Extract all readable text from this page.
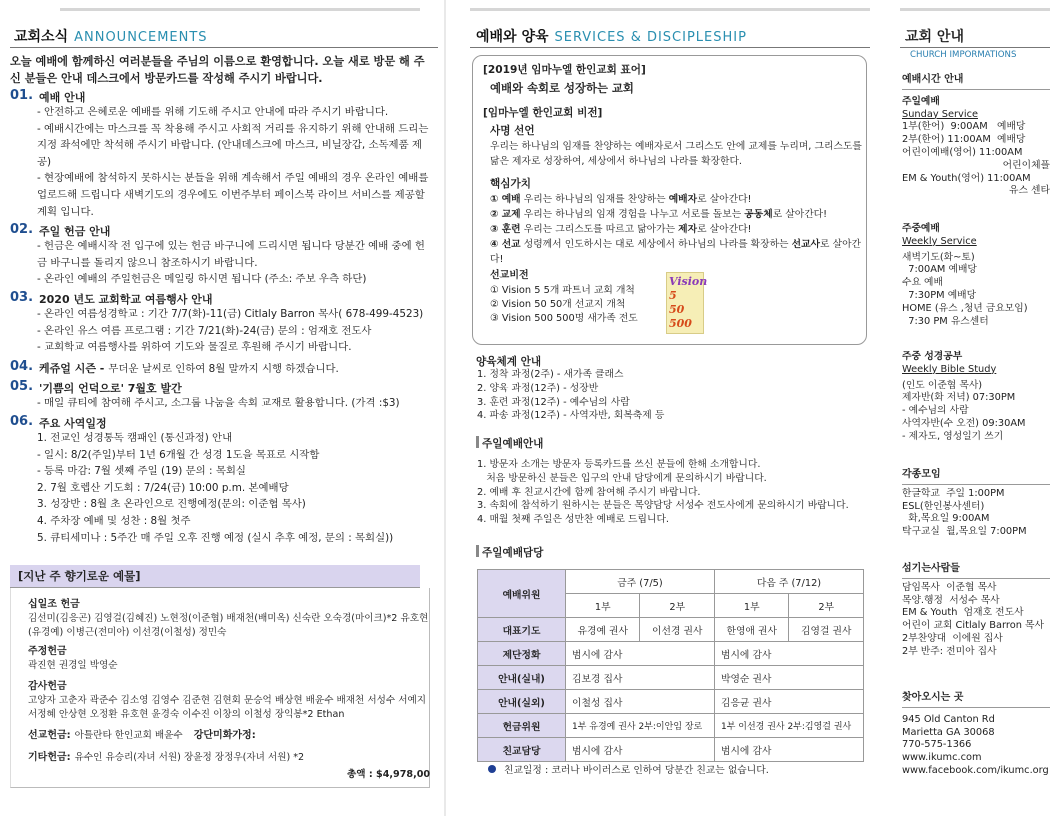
교회소식 ANNOUNCEMENTS
오늘 예배에 함께하신 여러분들을 주님의 이름으로 환영합니다. 오늘 새로 방문 해 주신 분들은 안내 데스크에서 방문카드를 작성해 주시기 바랍니다.
01. 예배 안내
- 안전하고 은혜로운 예배를 위해 기도해 주시고 안내에 따라 주시기 바랍니다.
- 예배시간에는 마스크를 꼭 착용해 주시고 사회적 거리를 유지하기 위해 안내해 드리는 지정 좌석에만 착석해 주시기 바랍니다. (안내데스크에 마스크, 비닐장갑, 소독제품 제공)
- 현장예배에 참석하지 못하시는 분들을 위해 계속해서 주일 예배의 경우 온라인 예배를 업로드해 드립니다 새벽기도의 경우에도 이번주부터 페이스북 라이브 서비스를 제공할 계획 입니다.
02. 주일 헌금 안내
- 헌금은 예배시작 전 입구에 있는 헌금 바구니에 드리시면 됩니다 당분간 예배 중에 헌금 바구니를 돌리지 않으니 참조하시기 바랍니다.
- 온라인 예배의 주일헌금은 메일링 하시면 됩니다 (주소: 주보 우측 하단)
03. 2020 년도 교회학교 여름행사 안내
- 온라인 여름성경학교 : 기간 7/7(화)-11(금) Citlaly Barron 목사( 678-499-4523)
- 온라인 유스 여름 프로그램 : 기간 7/21(화)-24(금) 문의 : 엄재호 전도사
- 교회학교 여름행사를 위하여 기도와 물질로 후원해 주시기 바랍니다.
04. 케쥬얼 시즌 - 무더운 날씨로 인하여 8월 말까지 시행 하겠습니다.
05. '기쁨의 언덕으로' 7월호 발간
- 매일 큐티에 참여해 주시고, 소그룹 나눔을 속회 교재로 활용합니다. (가격 :$3)
06. 주요 사역일정
1. 전교인 성경통독 캠패인 (통신과정) 안내
- 일시: 8/2(주일)부터 1년 6개월 간 성경 1도을 목표로 시작함
- 등록 마감: 7월 셋째 주일 (19) 문의 : 목회실
2. 7월 호렙산 기도회 : 7/24(금) 10:00 p.m. 본예배당
3. 성장반 : 8월 초 온라인으로 진행예정(문의: 이준협 목사)
4. 주차장 예배 및 성찬 : 8월 첫주
5. 큐티세미나 : 5주간 매 주일 오후 진행 예정 (실시 추후 예정, 문의 : 목회실))
[지난 주 향기로운 예물]
십일조 헌금
김선미(김응곤) 김영걸(김혜진) 노현정(이준협) 배재천(배미옥) 신숙란 오숙경(마이크)*2 유호현(유경예) 이병근(전미아) 이선경(이철성) 정민숙
주정헌금
곽진현 권경일 박영순
감사헌금
고양자 고춘자 곽준수 김소영 김영수 김준현 김현회 문승억 배상현 배윤수 배재천 서성수 서예지 서정혜 안상현 오정환 유호현 윤경숙 이수진 이창의 이철성 장익봉*2 Ethan
선교헌금: 아틀란타 한인교회 배윤수 강단미화가정:
기타헌금: 유수인 유승리(자녀 서원) 장윤정 장정우(자녀 서원) *2
총액 : $4,978,00
예배와 양육 SERVICES & DISCIPLESHIP
[2019년 임마누엘 한인교회 표어]
예배와 속회로 성장하는 교회
[임마누엘 한인교회 비전]
사명 선언
우리는 하나님의 임재를 찬양하는 예배자로서 그리스도 안에 교제를 누리며, 그리스도를 닮은 제자로 성장하여, 세상에서 하나님의 나라를 확장한다.
핵심가치
① 예배 우리는 하나님의 임재를 찬양하는 예배자로 살아간다!
② 교제 우리는 하나님의 임재 경험을 나누고 서로를 돌보는 공동체로 살아간다!
③ 훈련 우리는 그리스도를 따르고 닮아가는 제자로 살아간다!
④ 선교 성령께서 인도하시는 대로 세상에서 하나님의 나라를 확장하는 선교사로 살아간다!
선교비전
① Vision 5 5개 파트너 교회 개척
② Vision 50 50개 선교지 개척
③ Vision 500 500명 새가족 전도
Vision
5
50
500
양육체계 안내
1. 정착 과정(2주) - 새가족 클래스
2. 양육 과정(12주) - 성장반
3. 훈련 과정(12주) - 예수님의 사람
4. 파송 과정(12주) - 사역자반, 회복축제 등
주일예배안내
1. 방문자 소개는 방문자 등록카드를 쓰신 분들에 한해 소개합니다.
처음 방문하신 분들은 입구의 안내 담당에게 문의하시기 바랍니다.
2. 예배 후 친교시간에 함께 참여해 주시기 바랍니다.
3. 속회에 참석하기 원하시는 분들은 목양담당 서성수 전도사에게 문의하시기 바랍니다.
4. 매월 첫째 주일은 성만찬 예배로 드립니다.
주일예배담당
예배위원	금주 (7/5)		다음 주 (7/12)	
	1부	2부	1부	2부
대표기도	유경예 권사	이선경 권사	한영애 권사	김영걸 권사
제단정화	범시에 감사		범시에 감사	
안내(실내)	김보경 집사		박영순 권사	
안내(실외)	이철성 집사		김응균 권사	
헌금위원	1부 유경예 권사 2부:이안임 장로		1부 이선경 권사 2부:김영걸 권사	
친교담당	범시에 감사		범시에 감사	
친교일정 : 코러나 바이러스로 인하여 당분간 친교는 없습니다.
교회 안내
CHURCH IMPORMATIONS
예배시간 안내
주일예배
Sunday Service
1부(한어)  9:00AM   예배당
2부(한어) 11:00AM  예배당
어린이예배(영어) 11:00AM
어린이체플
EM & Youth(영어) 11:00AM
유스 센타
주중예배
Weekly Service
새벽기도(화~토)
7:00AM 예배당
수요 예배
7:30PM 예배당
HOME (유스 ,청년 금요모임)
7:30 PM 유스센터
주중 성경공부
Weekly Bible Study
(인도 이준협 목사)
제자반(화 저녁) 07:30PM
- 예수님의 사람
사역자반(수 오전) 09:30AM
- 제자도, 영성일기 쓰기
각종모임
한글학교  주일 1:00PM
ESL(한인봉사센터)
화,목요일 9:00AM
탁구교실  월,목요일 7:00PM
섬기는사람들
담임목사  이준협 목사
목양.행정  서성수 목사
EM & Youth  엄재호 전도사
어린이 교회 Citlaly Barron 목사
2부찬양대  이에원 집사
2부 반주: 전미아 집사
찾아오시는 곳
945 Old Canton Rd
Marietta GA 30068
770-575-1366
www.ikumc.com
www.facebook.com/ikumc.org
